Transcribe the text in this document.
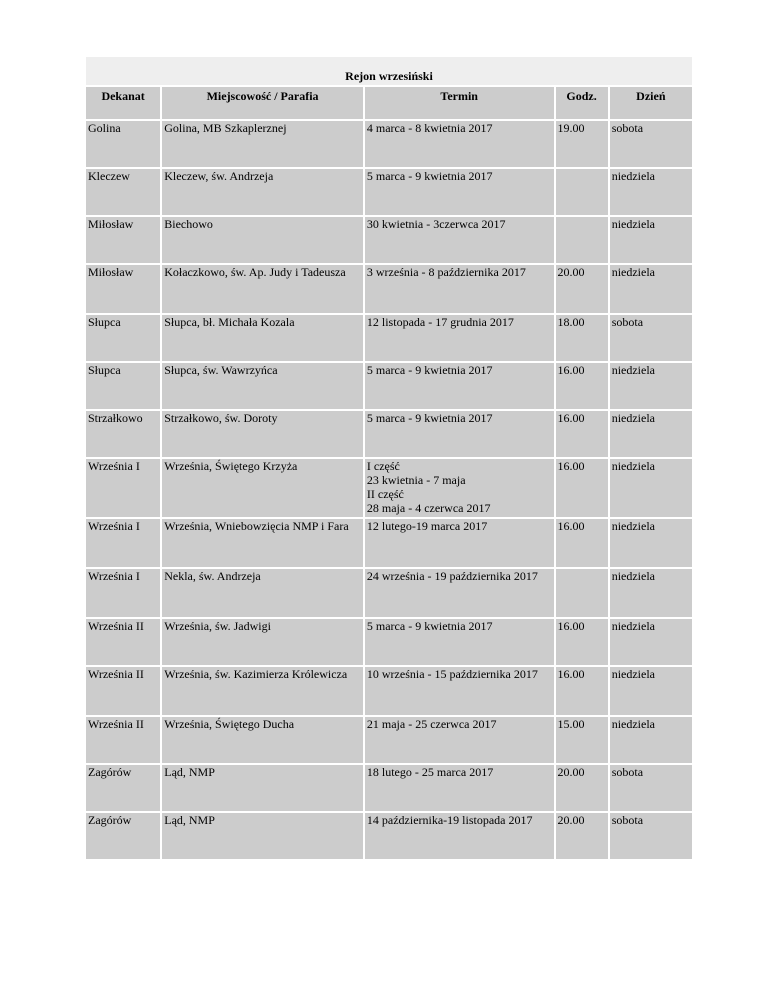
Rejon wrzesiński				
Dekanat	Miejscowość / Parafia	Termin	Godz.	Dzień
Golina	Golina, MB Szkaplerznej	4 marca - 8 kwietnia 2017	19.00	sobota
Kleczew	Kleczew, św. Andrzeja	5 marca - 9 kwietnia 2017		niedziela
Miłosław	Biechowo	30 kwietnia - 3czerwca 2017		niedziela
Miłosław	Kołaczkowo, św. Ap. Judy i Tadeusza	3 września - 8 października 2017	20.00	niedziela
Słupca	Słupca, bł. Michała Kozala	12 listopada - 17 grudnia 2017	18.00	sobota
Słupca	Słupca, św. Wawrzyńca	5 marca - 9 kwietnia 2017	16.00	niedziela
Strzałkowo	Strzałkowo, św. Doroty	5 marca - 9 kwietnia 2017	16.00	niedziela
Września I	Września, Świętego Krzyża	I część
23 kwietnia - 7 maja
II część
28 maja - 4 czerwca 2017	16.00	niedziela
Września I	Września, Wniebowzięcia NMP i Fara	12 lutego-19 marca 2017	16.00	niedziela
Września I	Nekla, św. Andrzeja	24 września - 19 października 2017		niedziela
Września II	Września, św. Jadwigi	5 marca - 9 kwietnia 2017	16.00	niedziela
Września II	Września, św. Kazimierza Królewicza	10 września - 15 października 2017	16.00	niedziela
Września II	Września, Świętego Ducha	21 maja - 25 czerwca 2017	15.00	niedziela
Zagórów	Ląd, NMP	18 lutego - 25 marca 2017	20.00	sobota
Zagórów	Ląd, NMP	14 października-19 listopada 2017	20.00	sobota
